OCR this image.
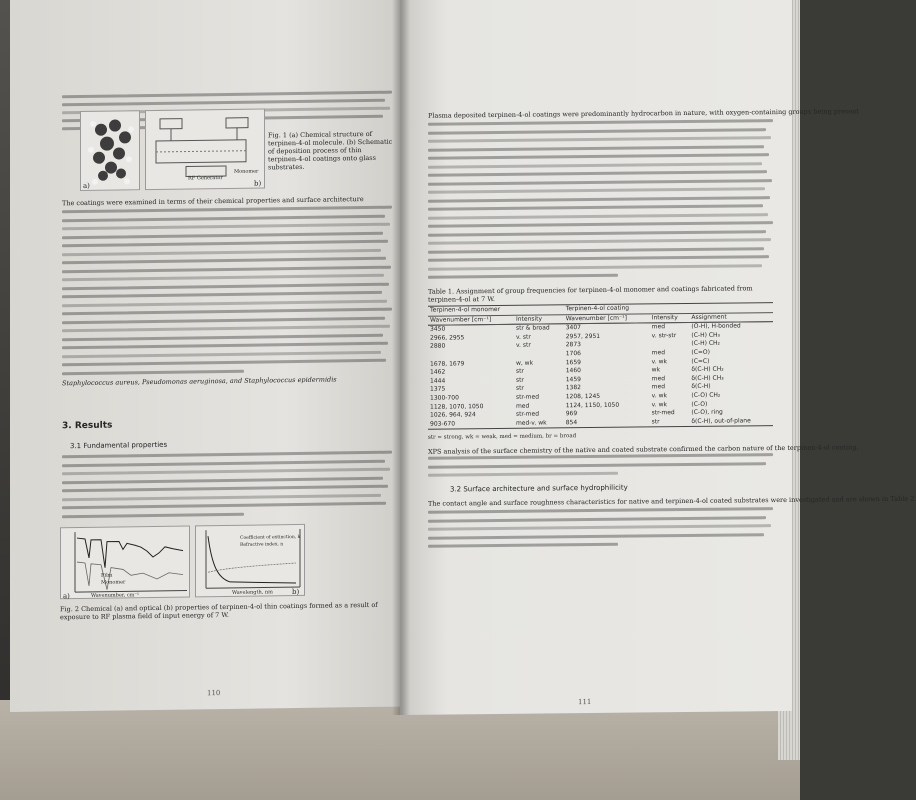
a)
RF Generator
Monomer
b)
Fig. 1 (a) Chemical structure of terpinen-4-ol molecule. (b) Schematic of deposition process of thin terpinen-4-ol coatings onto glass substrates.
The coatings were examined in terms of their chemical properties and surface architecture
Staphylococcus aureus, Pseudomonas aeruginosa, and Staphylococcus epidermidis
3. Results
3.1 Fundamental properties
Film
Monomer
Wavenumber, cm⁻¹
a)
Coefficient of extinction, k
Refractive index, n
Wavelength, nm	b)
Fig. 2 Chemical (a) and optical (b) properties of terpinen-4-ol thin coatings formed as a result of exposure to RF plasma field of input energy of 7 W.
110
Plasma deposited terpinen-4-ol coatings were predominantly hydrocarbon in nature, with oxygen-containing groups being present
Table 1. Assignment of group frequencies for terpinen-4-ol monomer and coatings fabricated from terpinen-4-ol at 7 W.
Terpinen-4-ol monomer		Terpinen-4-ol coating		
Wavenumber [cm⁻¹]	Intensity	Wavenumber [cm⁻¹]	Intensity	Assignment
3450	str & broad	3407	med	(O-H), H-bonded
2966, 2955	v. str	2957, 2951	v. str-str	(C-H) CH₃
2880	v. str	2873		(C-H) CH₂
		1706	med	(C=O)
1678, 1679	w, wk	1659	v. wk	(C=C)
1462	str	1460	wk	δ(C-H) CH₂
1444	str	1459	med	δ(C-H) CH₃
1375	str	1382	med	δ(C-H)
1300-700	str-med	1208, 1245	v. wk	(C-O) CH₂
1128, 1070, 1050	med	1124, 1150, 1050	v. wk	(C-O)
1026, 964, 924	str-med	969	str-med	(C-O), ring
903-670	med-v. wk	854	str	δ(C-H), out-of-plane
str = strong, wk = weak, med = medium, br = broad
XPS analysis of the surface chemistry of the native and coated substrate confirmed the carbon nature of the terpinen-4-ol coating.
3.2 Surface architecture and surface hydrophilicity
The contact angle and surface roughness characteristics for native and terpinen-4-ol coated substrates were investigated and are shown in Table 2.
111
